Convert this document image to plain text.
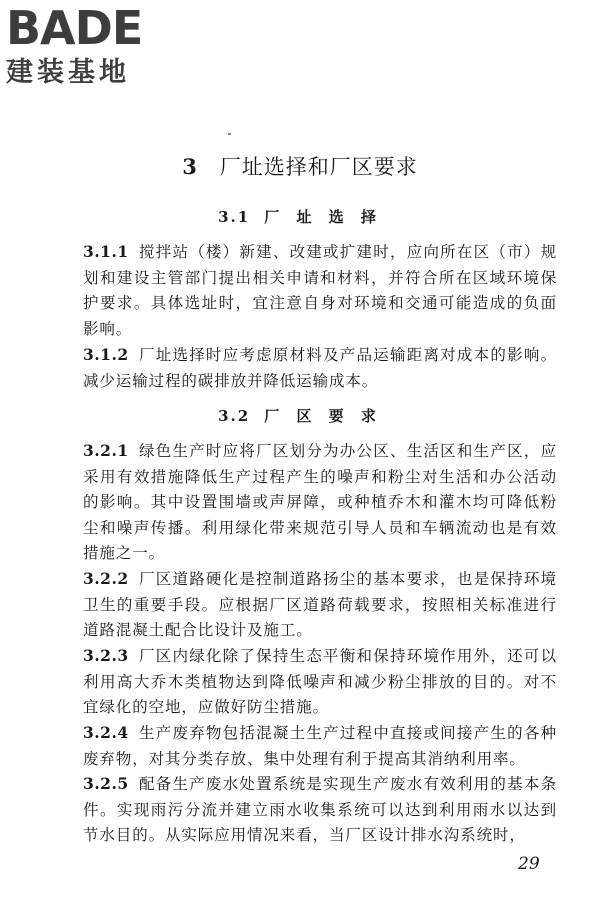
BADE
建装基地
3 厂址选择和厂区要求
3.1 厂 址 选 择
3.1.1 搅拌站（楼）新建、改建或扩建时，应向所在区（市）规划和建设主管部门提出相关申请和材料，并符合所在区域环境保护要求。具体选址时，宜注意自身对环境和交通可能造成的负面影响。
3.1.2 厂址选择时应考虑原材料及产品运输距离对成本的影响。减少运输过程的碳排放并降低运输成本。
3.2 厂 区 要 求
3.2.1 绿色生产时应将厂区划分为办公区、生活区和生产区，应采用有效措施降低生产过程产生的噪声和粉尘对生活和办公活动的影响。其中设置围墙或声屏障，或种植乔木和灌木均可降低粉尘和噪声传播。利用绿化带来规范引导人员和车辆流动也是有效措施之一。
3.2.2 厂区道路硬化是控制道路扬尘的基本要求，也是保持环境卫生的重要手段。应根据厂区道路荷载要求，按照相关标准进行道路混凝土配合比设计及施工。
3.2.3 厂区内绿化除了保持生态平衡和保持环境作用外，还可以利用高大乔木类植物达到降低噪声和减少粉尘排放的目的。对不宜绿化的空地，应做好防尘措施。
3.2.4 生产废弃物包括混凝土生产过程中直接或间接产生的各种废弃物，对其分类存放、集中处理有利于提高其消纳利用率。
3.2.5 配备生产废水处置系统是实现生产废水有效利用的基本条件。实现雨污分流并建立雨水收集系统可以达到利用雨水以达到节水目的。从实际应用情况来看，当厂区设计排水沟系统时，
29
